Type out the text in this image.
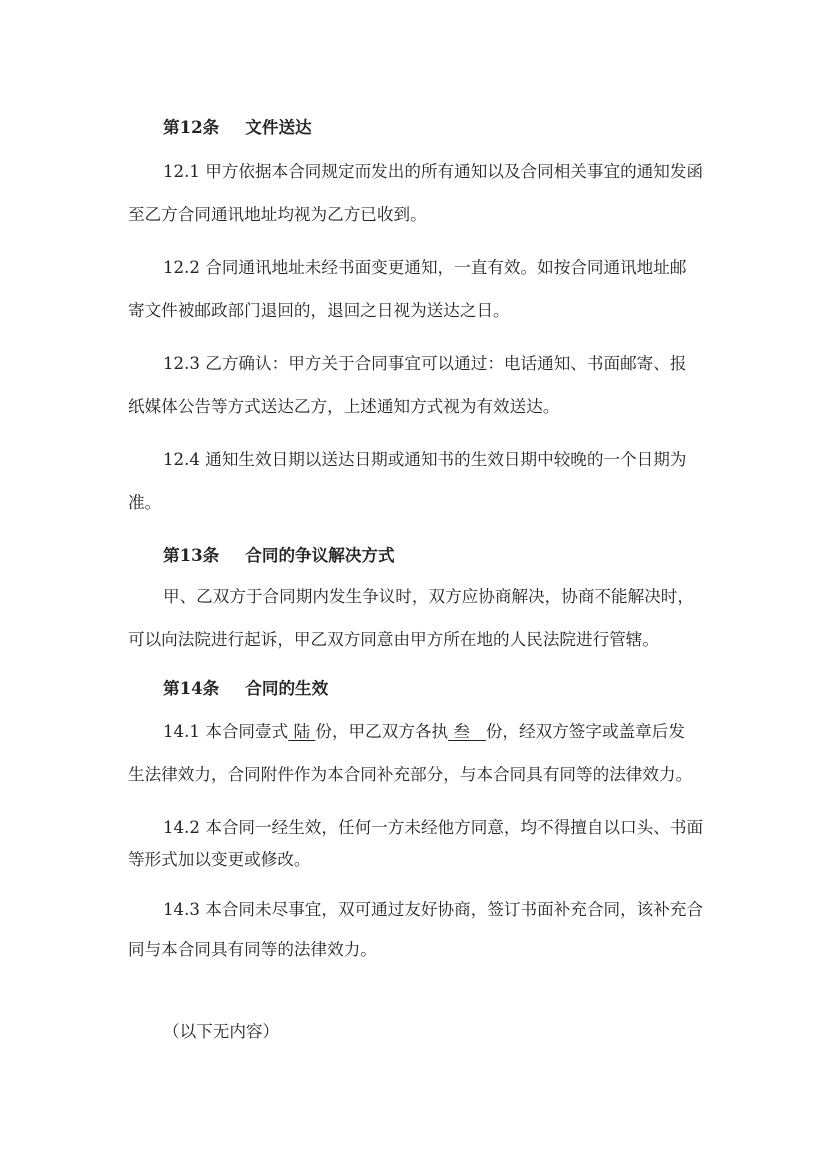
第12条 文件送达
12.1 甲方依据本合同规定而发出的所有通知以及合同相关事宜的通知发函
至乙方合同通讯地址均视为乙方已收到。
12.2 合同通讯地址未经书面变更通知，一直有效。如按合同通讯地址邮
寄文件被邮政部门退回的，退回之日视为送达之日。
12.3 乙方确认：甲方关于合同事宜可以通过：电话通知、书面邮寄、报
纸媒体公告等方式送达乙方，上述通知方式视为有效送达。
12.4 通知生效日期以送达日期或通知书的生效日期中较晚的一个日期为
准。
第13条 合同的争议解决方式
甲、乙双方于合同期内发生争议时，双方应协商解决，协商不能解决时，
可以向法院进行起诉，甲乙双方同意由甲方所在地的人民法院进行管辖。
第14条 合同的生效
14.1 本合同壹式 陆 份，甲乙双方各执 叁   份，经双方签字或盖章后发
生法律效力，合同附件作为本合同补充部分，与本合同具有同等的法律效力。
14.2 本合同一经生效，任何一方未经他方同意，均不得擅自以口头、书面
等形式加以变更或修改。
14.3 本合同未尽事宜，双可通过友好协商，签订书面补充合同，该补充合
同与本合同具有同等的法律效力。
（以下无内容）
